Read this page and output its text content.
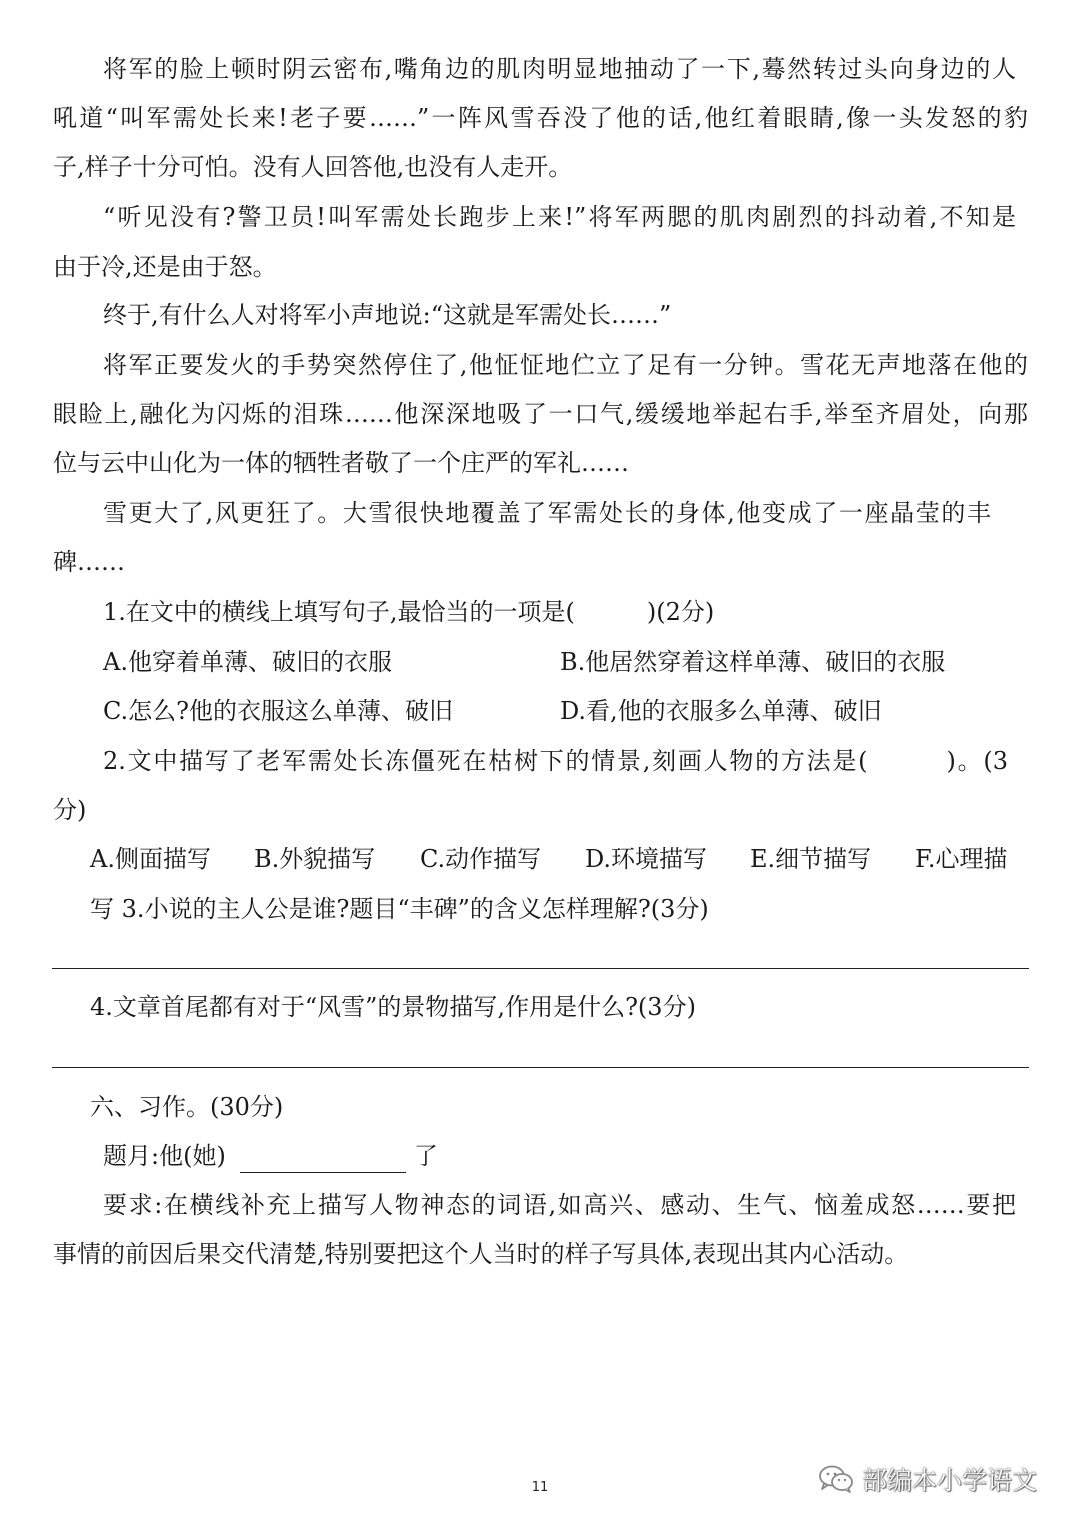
将军的脸上顿时阴云密布,嘴角边的肌肉明显地抽动了一下,蓦然转过头向身边的人
吼道“叫军需处长来!老子要……”一阵风雪吞没了他的话,他红着眼睛,像一头发怒的豹
子,样子十分可怕。没有人回答他,也没有人走开。
“听见没有?警卫员!叫军需处长跑步上来!”将军两腮的肌肉剧烈的抖动着,不知是
由于冷,还是由于怒。
终于,有什么人对将军小声地说:“这就是军需处长……”
将军正要发火的手势突然停住了,他怔怔地伫立了足有一分钟。雪花无声地落在他的
眼睑上,融化为闪烁的泪珠……他深深地吸了一口气,缓缓地举起右手,举至齐眉处，向那
位与云中山化为一体的牺牲者敬了一个庄严的军礼……
雪更大了,风更狂了。大雪很快地覆盖了军需处长的身体,他变成了一座晶莹的丰
碑……
1.在文中的横线上填写句子,最恰当的一项是(　　　)(2分)
A.他穿着单薄、破旧的衣服	B.他居然穿着这样单薄、破旧的衣服
C.怎么?他的衣服这么单薄、破旧	D.看,他的衣服多么单薄、破旧
2.文中描写了老军需处长冻僵死在枯树下的情景,刻画人物的方法是(　　　)。(3
分)
A.侧面描写 B.外貌描写 C.动作描写 D.环境描写 E.细节描写 F.心理描
写 3.小说的主人公是谁?题目“丰碑”的含义怎样理解?(3分)
4.文章首尾都有对于“风雪”的景物描写,作用是什么?(3分)
六、习作。(30分)
题月:他(她)	了
要求:在横线补充上描写人物神态的词语,如高兴、感动、生气、恼羞成怒……要把
事情的前因后果交代清楚,特别要把这个人当时的样子写具体,表现出其内心活动。
11	部编本小学语文
